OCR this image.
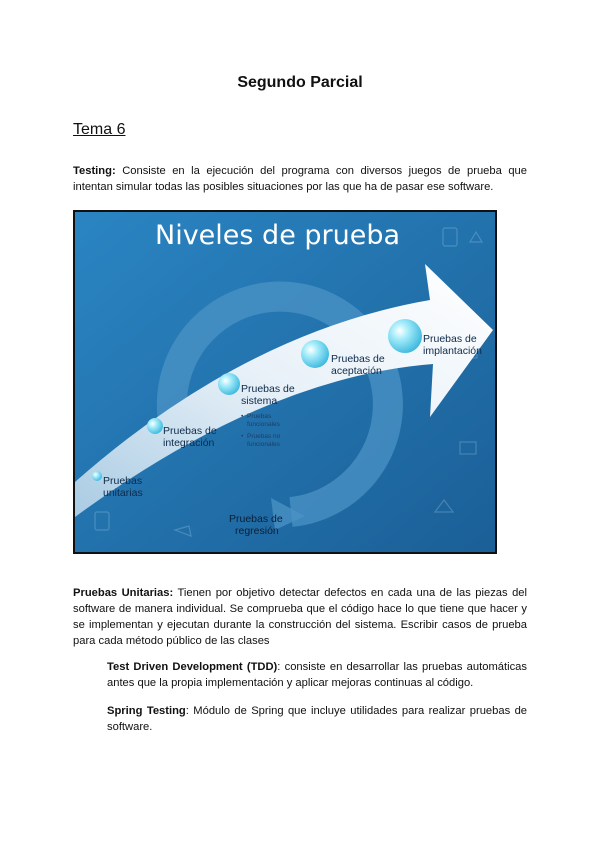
Segundo Parcial
Tema 6
Testing: Consiste en la ejecución del programa con diversos juegos de prueba que intentan simular todas las posibles situaciones por las que ha de pasar ese software.
Niveles de prueba
Pruebas
unitarias
Pruebas de
integración
Pruebas de
sistema
• Pruebas
funcionales
• Pruebas no
funcionales
Pruebas de
aceptación
Pruebas de
implantación
Pruebas de
regresión
Pruebas Unitarias: Tienen por objetivo detectar defectos en cada una de las piezas del software de manera individual. Se comprueba que el código hace lo que tiene que hacer y se implementan y ejecutan durante la construcción del sistema. Escribir casos de prueba para cada método público de las clases
Test Driven Development (TDD): consiste en desarrollar las pruebas automáticas antes que la propia implementación y aplicar mejoras continuas al código.
Spring Testing: Módulo de Spring que incluye utilidades para realizar pruebas de software.
